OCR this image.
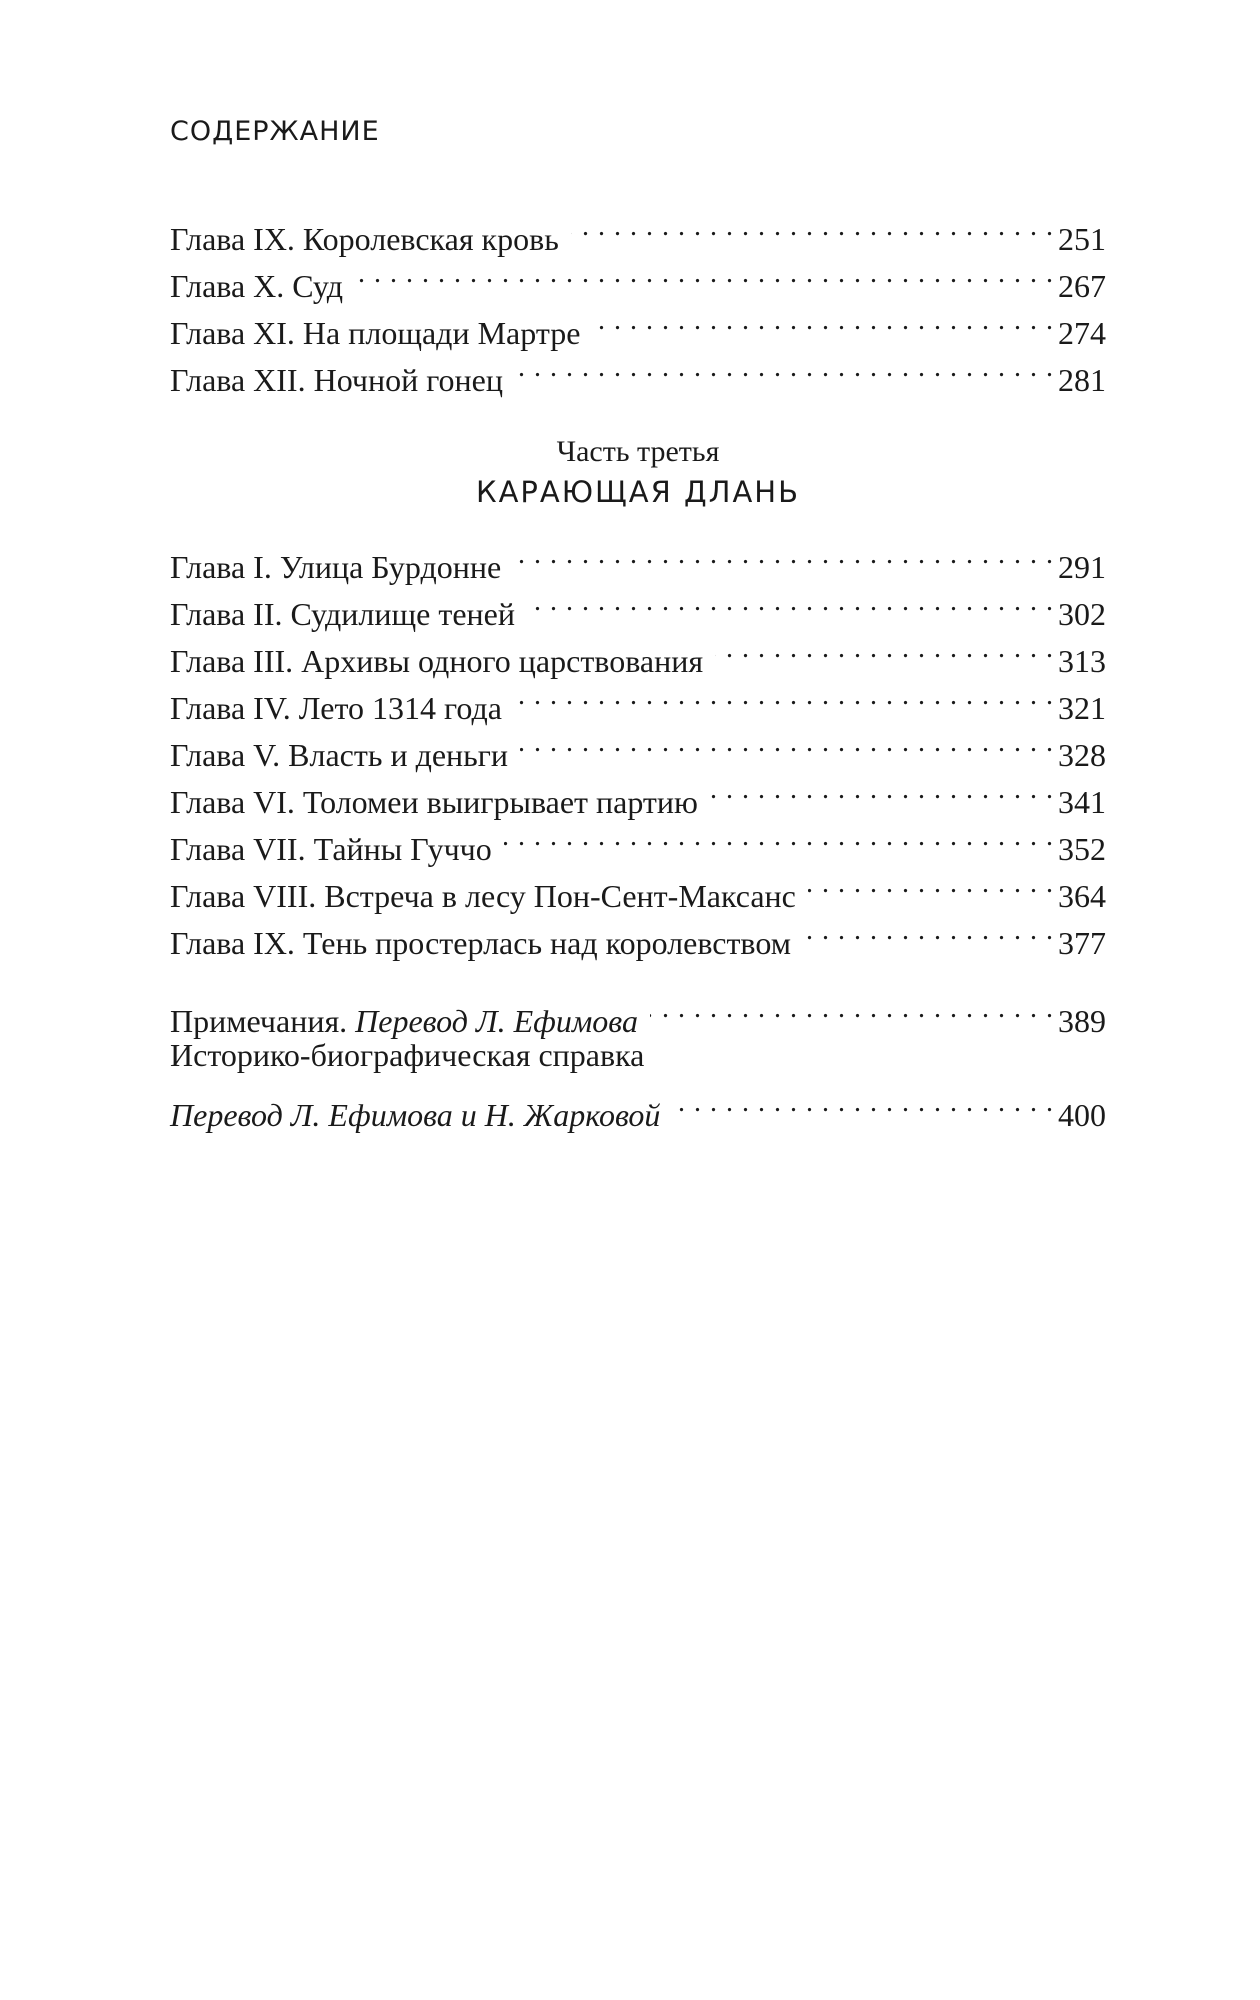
СОДЕРЖАНИЕ
Глава IX. Королевская кровь . . .	251
Глава X. Суд . . .	267
Глава XI. На площади Мартре . . .	274
Глава XII. Ночной гонец . . .	281
Часть третья
КАРАЮЩАЯ ДЛАНЬ
Глава I. Улица Бурдонне . . .	291
Глава II. Судилище теней . . .	302
Глава III. Архивы одного царствования . . .	313
Глава IV. Лето 1314 года . . .	321
Глава V. Власть и деньги . . .	328
Глава VI. Толомеи выигрывает партию . . .	341
Глава VII. Тайны Гуччо . . .	352
Глава VIII. Встреча в лесу Пон-Сент-Максанс . . .	364
Глава IX. Тень простерлась над королевством . . .	377
Примечания. Перевод Л. Ефимова . . .	389
Историко-биографическая справка
Перевод Л. Ефимова и Н. Жарковой . . .	400
